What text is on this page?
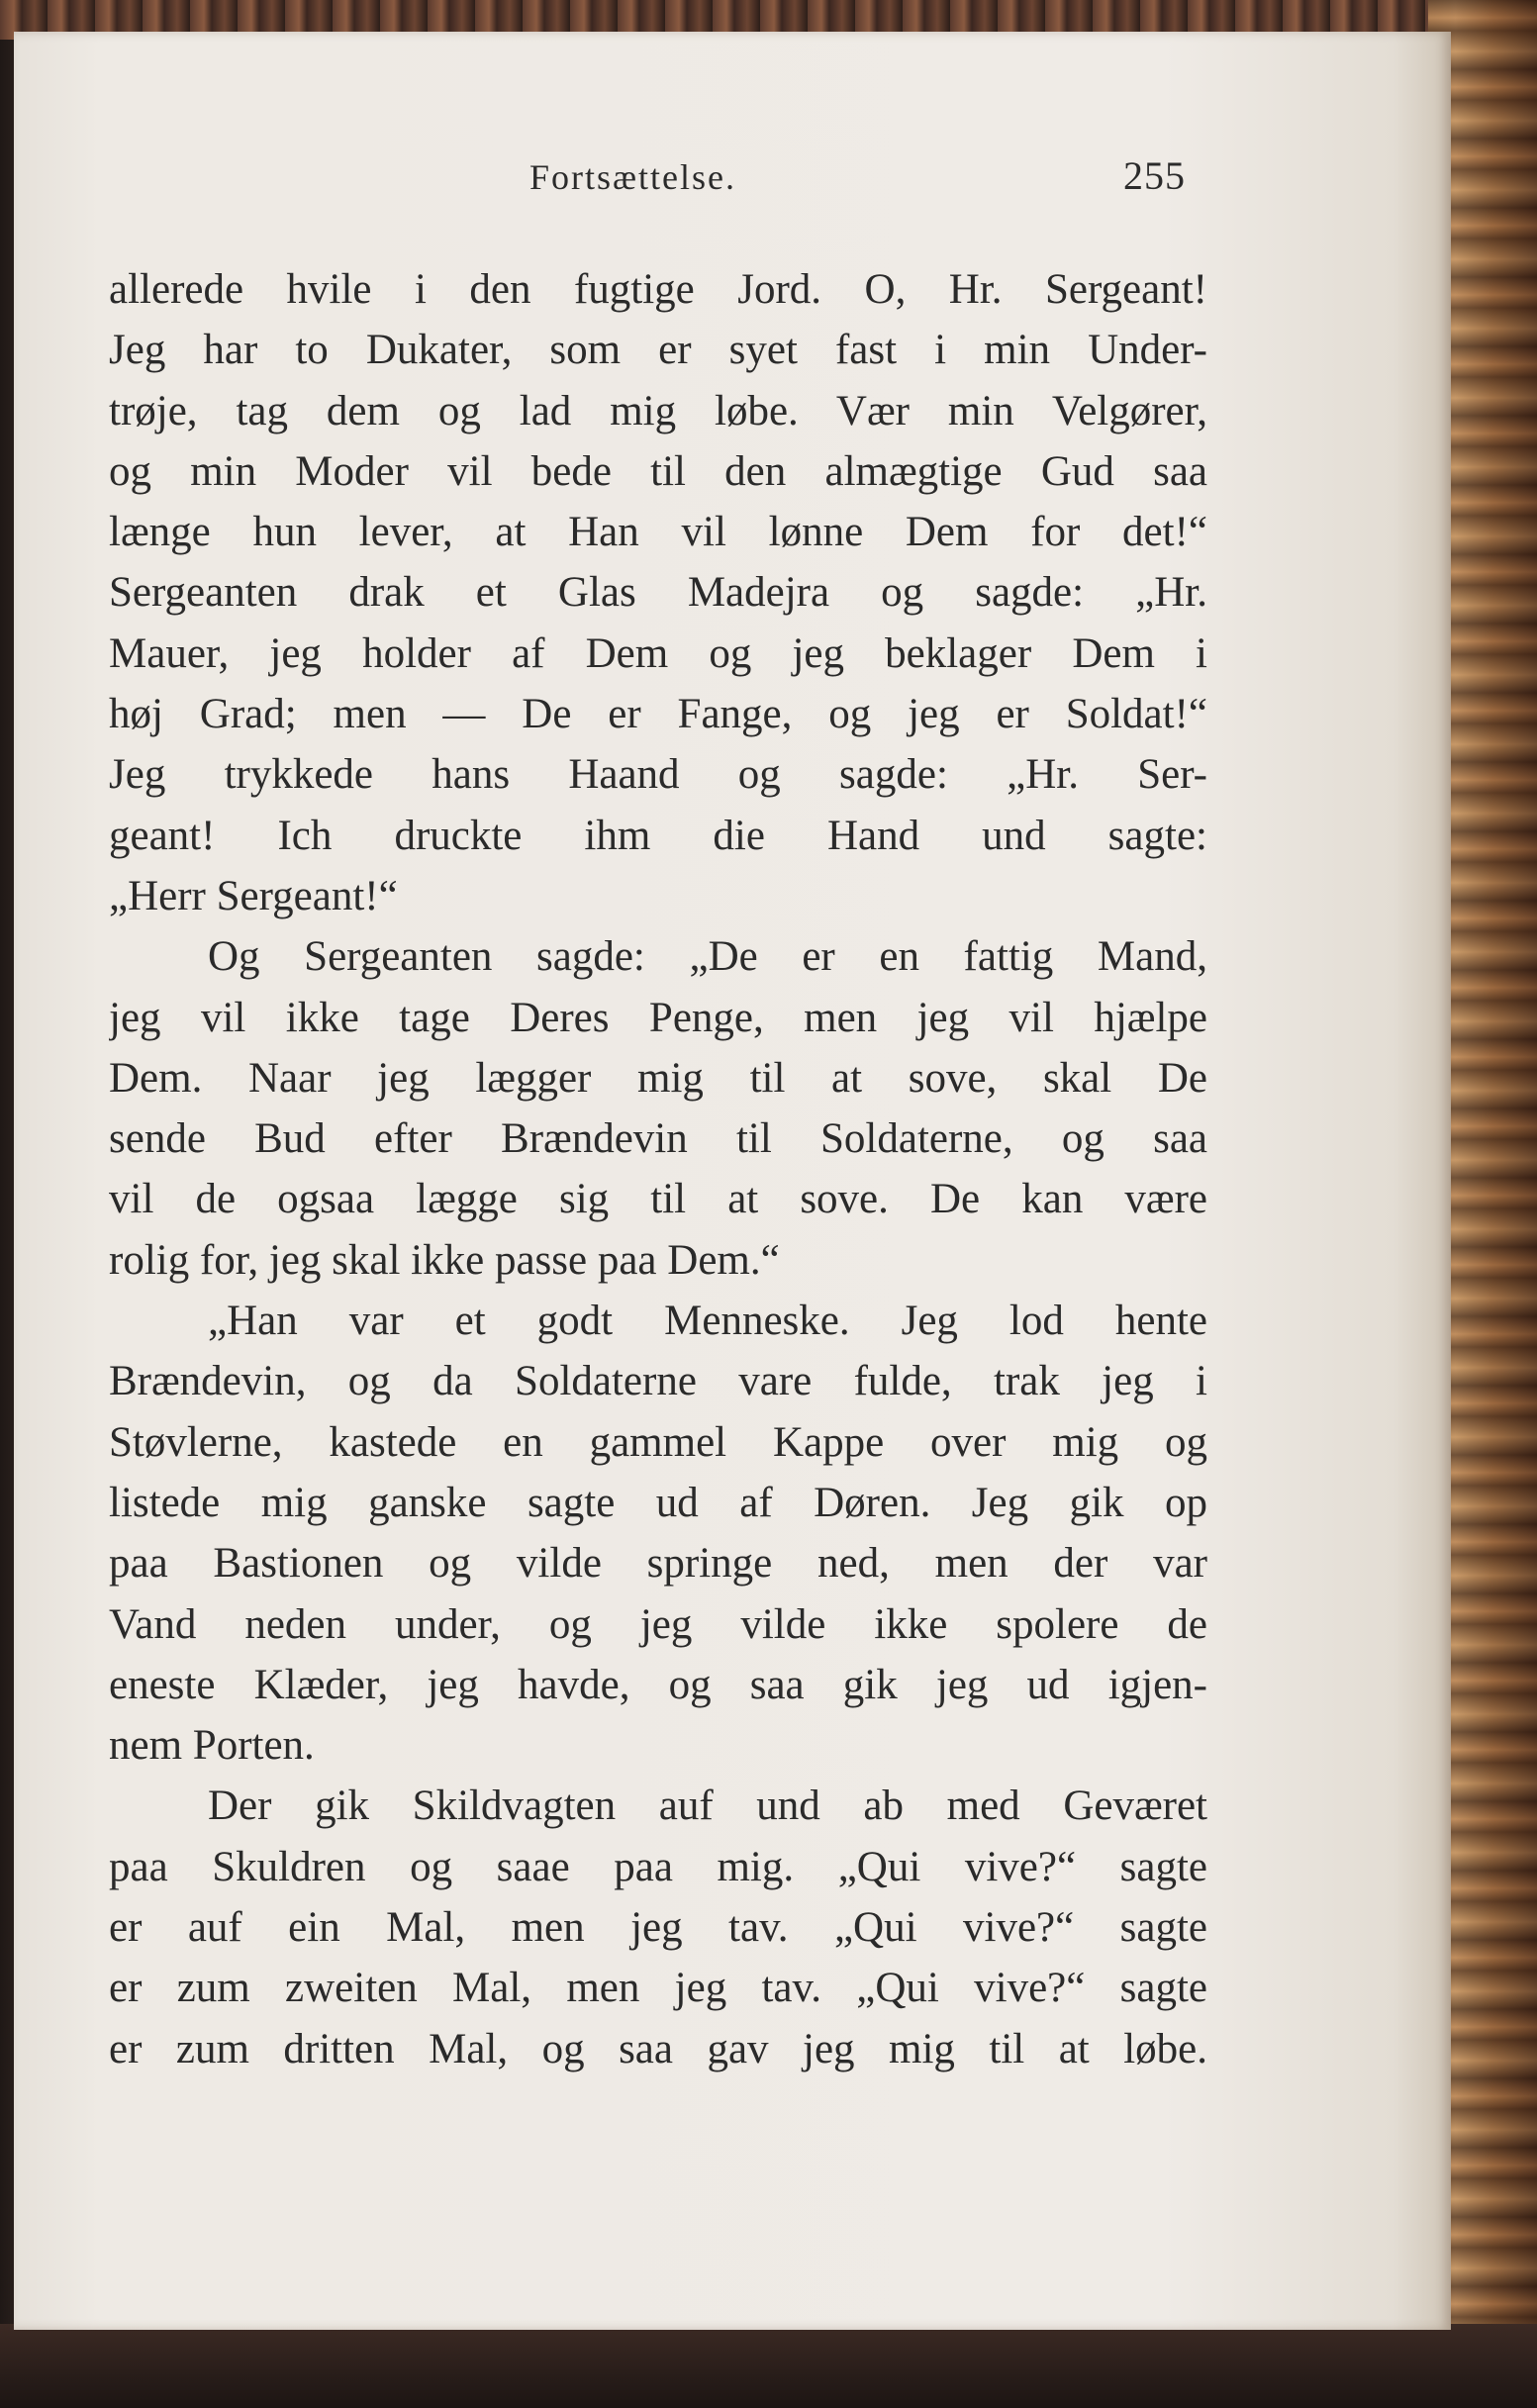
Fortsættelse.	255
allerede hvile i den fugtige Jord. O, Hr. Sergeant!
Jeg har to Dukater, som er syet fast i min Under-
trøje, tag dem og lad mig løbe. Vær min Velgører,
og min Moder vil bede til den almægtige Gud saa
længe hun lever, at Han vil lønne Dem for det!“
Sergeanten drak et Glas Madejra og sagde: „Hr.
Mauer, jeg holder af Dem og jeg beklager Dem i
høj Grad; men — De er Fange, og jeg er Soldat!“
Jeg trykkede hans Haand og sagde: „Hr. Ser-
geant! Ich druckte ihm die Hand und sagte:
„Herr Sergeant!“
Og Sergeanten sagde: „De er en fattig Mand,
jeg vil ikke tage Deres Penge, men jeg vil hjælpe
Dem. Naar jeg lægger mig til at sove, skal De
sende Bud efter Brændevin til Soldaterne, og saa
vil de ogsaa lægge sig til at sove. De kan være
rolig for, jeg skal ikke passe paa Dem.“
„Han var et godt Menneske. Jeg lod hente
Brændevin, og da Soldaterne vare fulde, trak jeg i
Støvlerne, kastede en gammel Kappe over mig og
listede mig ganske sagte ud af Døren. Jeg gik op
paa Bastionen og vilde springe ned, men der var
Vand neden under, og jeg vilde ikke spolere de
eneste Klæder, jeg havde, og saa gik jeg ud igjen-
nem Porten.
Der gik Skildvagten auf und ab med Geværet
paa Skuldren og saae paa mig. „Qui vive?“ sagte
er auf ein Mal, men jeg tav. „Qui vive?“ sagte
er zum zweiten Mal, men jeg tav. „Qui vive?“ sagte
er zum dritten Mal, og saa gav jeg mig til at løbe.
